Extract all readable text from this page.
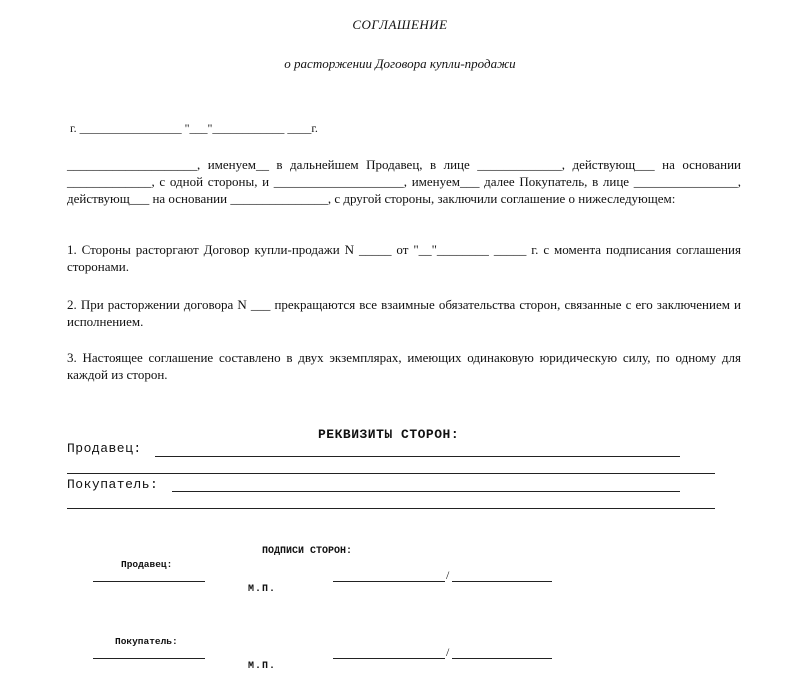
СОГЛАШЕНИЕ
о расторжении Договора купли-продажи
г. _________________ "___"____________ ____г.
____________________, именуем__ в дальнейшем Продавец, в лице _____________, действующ___ на основании _____________, с одной стороны, и ____________________, именуем___ далее Покупатель, в лице ________________, действующ___ на основании _______________, с другой стороны, заключили соглашение о нижеследующем:
1. Стороны расторгают Договор купли-продажи N _____ от "__"________ _____ г. с момента подписания соглашения сторонами.
2. При расторжении договора N ___ прекращаются все взаимные обязательства сторон, связанные с его заключением и исполнением.
3. Настоящее соглашение составлено в двух экземплярах, имеющих одинаковую юридическую силу, по одному для каждой из сторон.
РЕКВИЗИТЫ СТОРОН:
Продавец:
Покупатель:
ПОДПИСИ СТОРОН:
Продавец:
М.П.
/
Покупатель:
М.П.
/
